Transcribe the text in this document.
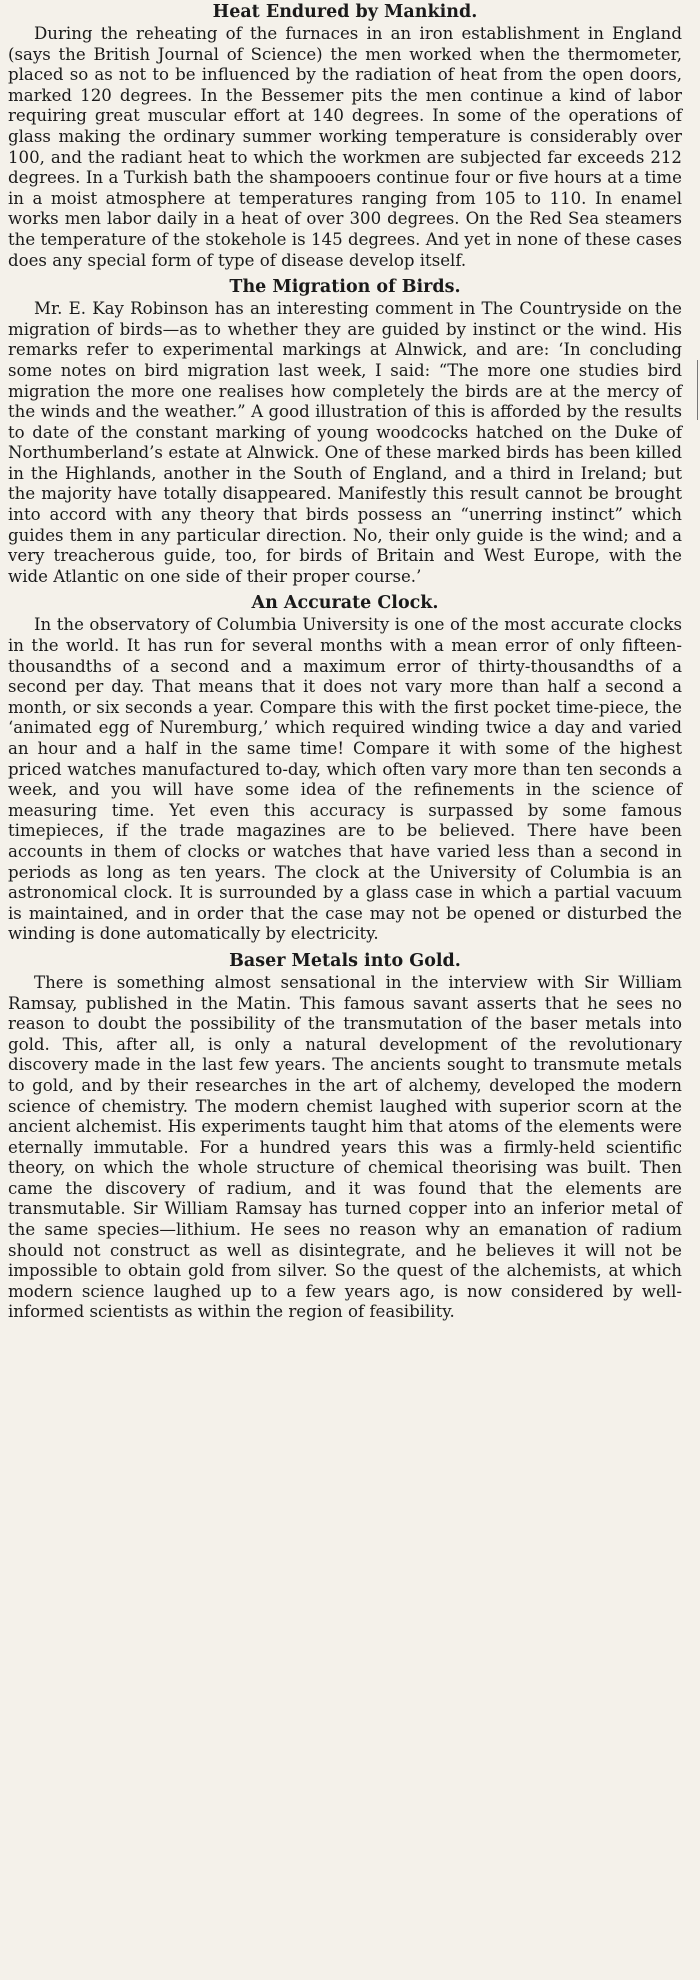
Heat Endured by Mankind.

During the reheating of the furnaces in an iron establishment in England (says the British Journal of Science) the men worked when the thermometer, placed so as not to be influenced by the radiation of heat from the open doors, marked 120 degrees. In the Bessemer pits the men continue a kind of labor requiring great muscular effort at 140 degrees. In some of the operations of glass making the ordinary summer working temperature is considerably over 100, and the radiant heat to which the workmen are subjected far exceeds 212 degrees. In a Turkish bath the shampooers continue four or five hours at a time in a moist atmosphere at temperatures ranging from 105 to 110. In enamel works men labor daily in a heat of over 300 degrees. On the Red Sea steamers the temperature of the stokehole is 145 degrees. And yet in none of these cases does any special form of type of disease develop itself.

The Migration of Birds.

Mr. E. Kay Robinson has an interesting comment in The Countryside on the migration of birds—as to whether they are guided by instinct or the wind. His remarks refer to experimental markings at Alnwick, and are: ‘In concluding some notes on bird migration last week, I said: “The more one studies bird migration the more one realises how completely the birds are at the mercy of the winds and the weather.” A good illustration of this is afforded by the results to date of the constant marking of young woodcocks hatched on the Duke of Northumberland’s estate at Alnwick. One of these marked birds has been killed in the Highlands, another in the South of England, and a third in Ireland; but the majority have totally disappeared. Manifestly this result cannot be brought into accord with any theory that birds possess an “unerring instinct” which guides them in any particular direction. No, their only guide is the wind; and a very treacherous guide, too, for birds of Britain and West Europe, with the wide Atlantic on one side of their proper course.’

An Accurate Clock.

In the observatory of Columbia University is one of the most accurate clocks in the world. It has run for several months with a mean error of only fifteen-thousandths of a second and a maximum error of thirty-thousandths of a second per day. That means that it does not vary more than half a second a month, or six seconds a year. Compare this with the first pocket time-piece, the ‘animated egg of Nuremburg,’ which required winding twice a day and varied an hour and a half in the same time! Compare it with some of the highest priced watches manufactured to-day, which often vary more than ten seconds a week, and you will have some idea of the refinements in the science of measuring time. Yet even this accuracy is surpassed by some famous timepieces, if the trade magazines are to be believed. There have been accounts in them of clocks or watches that have varied less than a second in periods as long as ten years. The clock at the University of Columbia is an astronomical clock. It is surrounded by a glass case in which a partial vacuum is maintained, and in order that the case may not be opened or disturbed the winding is done automatically by electricity.

Baser Metals into Gold.

There is something almost sensational in the interview with Sir William Ramsay, published in the Matin. This famous savant asserts that he sees no reason to doubt the possibility of the transmutation of the baser metals into gold. This, after all, is only a natural development of the revolutionary discovery made in the last few years. The ancients sought to transmute metals to gold, and by their researches in the art of alchemy, developed the modern science of chemistry. The modern chemist laughed with superior scorn at the ancient alchemist. His experiments taught him that atoms of the elements were eternally immutable. For a hundred years this was a firmly-held scientific theory, on which the whole structure of chemical theorising was built. Then came the discovery of radium, and it was found that the elements are transmutable. Sir William Ramsay has turned copper into an inferior metal of the same species—lithium. He sees no reason why an emanation of radium should not construct as well as disintegrate, and he believes it will not be impossible to obtain gold from silver. So the quest of the alchemists, at which modern science laughed up to a few years ago, is now considered by well-informed scientists as within the region of feasibility.
